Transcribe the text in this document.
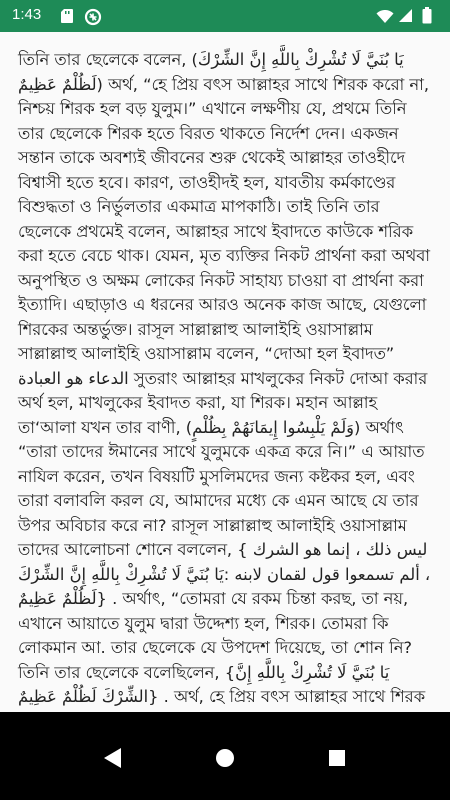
1:43

তিনি তার ছেলেকে বলেন, (يَا بُنَيَّ لَا تُشْرِكْ بِاللَّهِ إِنَّ الشِّرْكَ لَظُلْمٌ عَظِيمٌ) অর্থ, “হে প্রিয় বৎস আল্লাহর সাথে শিরক করো না, নিশ্চয় শিরক হল বড় যুলুম।” এখানে লক্ষণীয় যে, প্রথমে তিনি তার ছেলেকে শিরক হতে বিরত থাকতে নির্দেশ দেন। একজন সন্তান তাকে অবশ্যই জীবনের শুরু থেকেই আল্লাহর তাওহীদে বিশ্বাসী হতে হবে। কারণ, তাওহীদই হল, যাবতীয় কর্মকাণ্ডের বিশুদ্ধতা ও নির্ভুলতার একমাত্র মাপকাঠি। তাই তিনি তার ছেলেকে প্রথমেই বলেন, আল্লাহর সাথে ইবাদতে কাউকে শরিক করা হতে বেচে থাক। যেমন, মৃত ব্যক্তির নিকট প্রার্থনা করা অথবা অনুপস্থিত ও অক্ষম লোকের নিকট সাহায্য চাওয়া বা প্রার্থনা করা ইত্যাদি। এছাড়াও এ ধরনের আরও অনেক কাজ আছে, যেগুলো শিরকের অন্তর্ভুক্ত। রাসূল সাল্লাল্লাহু আলাইহি ওয়াসাল্লাম সাল্লাল্লাহু আলাইহি ওয়াসাল্লাম বলেন, “দোআ হল ইবাদত” الدعاء هو العبادة সুতরাং আল্লাহর মাখলুকের নিকট দোআ করার অর্থ হল, মাখলুকের ইবাদত করা, যা শিরক। মহান আল্লাহ তা‘আলা যখন তার বাণী, (وَلَمْ يَلْبِسُوا إِيمَانَهُمْ بِظُلْمٍ) অর্থাৎ “তারা তাদের ঈমানের সাথে যুলুমকে একত্র করে নি।” এ আয়াত নাযিল করেন, তখন বিষয়টি মুসলিমদের জন্য কষ্টকর হল, এবং তারা বলাবলি করল যে, আমাদের মধ্যে কে এমন আছে যে তার উপর অবিচার করে না? রাসূল সাল্লাল্লাহু আলাইহি ওয়াসাল্লাম তাদের আলোচনা শোনে বললেন, { ليس ذلك ، إنما هو الشرك ، ألم تسمعوا قول لقمان لابنه :يَا بُنَيَّ لَا تُشْرِكْ بِاللَّهِ إِنَّ الشِّرْكَ لَظُلْمٌ عَظِيمٌ} . অর্থাৎ, “তোমরা যে রকম চিন্তা করছ, তা নয়, এখানে আয়াতে যুলুম দ্বারা উদ্দেশ্য হল, শিরক। তোমরা কি লোকমান আ. তার ছেলেকে যে উপদেশ দিয়েছে, তা শোন নি? তিনি তার ছেলেকে বলেছিলেন, {يَا بُنَيَّ لَا تُشْرِكْ بِاللَّهِ إِنَّ الشِّرْكَ لَظُلْمٌ عَظِيمٌ} . অর্থ, হে প্রিয় বৎস আল্লাহর সাথে শিরক
